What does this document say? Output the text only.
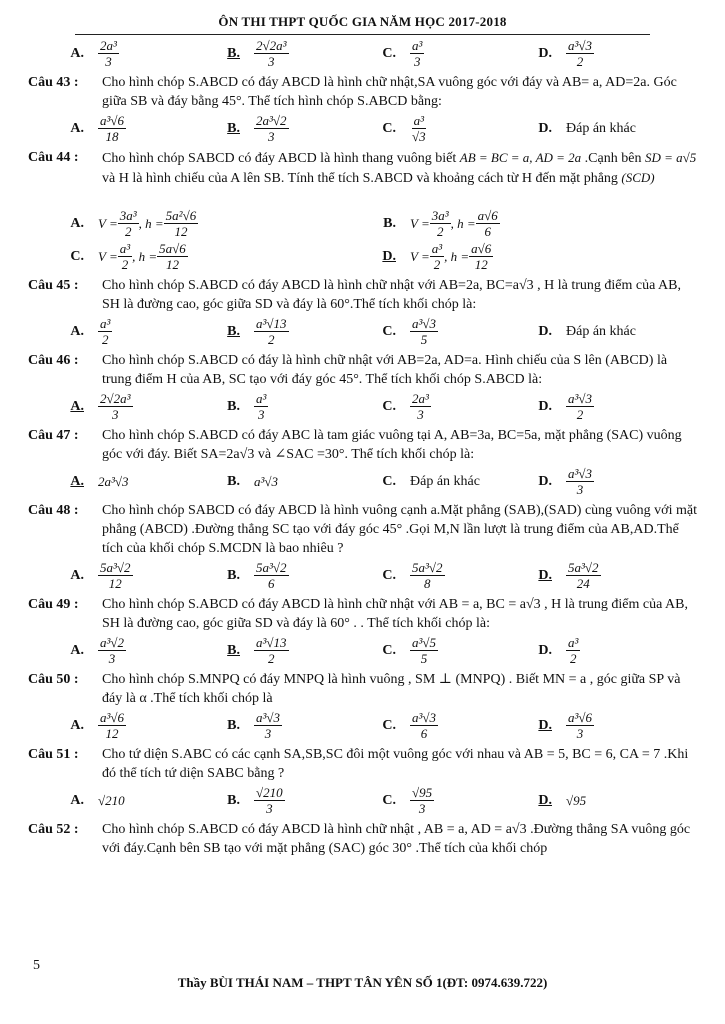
ÔN THI THPT QUỐC GIA NĂM HỌC 2017-2018
A.	$\frac{\text{2a³}}{3}$	B.	$\frac{\text{2√2a³}}{3}$	C.	$\frac{\text{a³}}{3}$	D.	$\frac{\text{a³√3}}{2}$
Câu 43 :	Cho hình chóp S.ABCD có đáy ABCD là hình chữ nhật,SA vuông góc với đáy và AB= a, AD=2a. Góc giữa SB và đáy bằng 45°. Thể tích hình chóp S.ABCD bằng:
A.	$\frac{\text{a³√6}}{18}$	B.	$\frac{\text{2a³√2}}{3}$	C.	$\frac{\text{a³}}{√3}$	D.	Đáp án khác
Câu 44 :	Cho hình chóp SABCD có đáy ABCD là hình thang vuông biết AB = BC = a, AD = 2a .Cạnh bên SD = a√5 và H là hình chiếu của A lên SB. Tính thể tích S.ABCD và khoảng cách từ H đến mặt phẳng (SCD)
A.	$V = \frac{\text{3a³}}{2}$ , $h = \frac{\text{5a²√6}}{12}$	B.	$V = \frac{\text{3a³}}{2}$ , $h = \frac{a√6}{6}$
C.	$V = \frac{\text{a³}}{2}$ , $h = \frac{5a√6}{12}$	D.	$V = \frac{\text{a³}}{2}$ , $h = \frac{a√6}{12}$
Câu 45 :	Cho hình chóp S.ABCD có đáy ABCD là hình chữ nhật với AB=2a, BC=a√3 , H là trung điểm của AB, SH là đường cao, góc giữa SD và đáy là 60°.Thể tích khối chóp là:
A.	$\frac{\text{a³}}{2}$	B.	$\frac{\text{a³√13}}{2}$	C.	$\frac{\text{a³√3}}{5}$	D.	Đáp án khác
Câu 46 :	Cho hình chóp S.ABCD có đáy là hình chữ nhật với AB=2a, AD=a. Hình chiếu của S lên (ABCD) là trung điểm H của AB, SC tạo với đáy góc 45°. Thể tích khối chóp S.ABCD là:
A.	$\frac{\text{2√2a³}}{3}$	B.	$\frac{\text{a³}}{3}$	C.	$\frac{\text{2a³}}{3}$	D.	$\frac{\text{a³√3}}{2}$
Câu 47 :	Cho hình chóp S.ABCD có đáy ABC là tam giác vuông tại A, AB=3a, BC=5a, mặt phẳng (SAC) vuông góc với đáy. Biết SA=2a√3 và ∠SAC =30°. Thể tích khối chóp là:
A.	2a³√3	B.	a³√3	C.	Đáp án khác	D.	$\frac{\text{a³√3}}{3}$
Câu 48 :	Cho hình chóp SABCD có đáy ABCD là hình vuông cạnh a.Mặt phẳng (SAB),(SAD) cùng vuông với mặt phẳng (ABCD) .Đường thẳng SC tạo với đáy góc 45° .Gọi M,N lần lượt là trung điểm của AB,AD.Thể tích của khối chóp S.MCDN là bao nhiêu ?
A.	$\frac{\text{5a³√2}}{12}$	B.	$\frac{\text{5a³√2}}{6}$	C.	$\frac{\text{5a³√2}}{8}$	D.	$\frac{\text{5a³√2}}{24}$
Câu 49 :	Cho hình chóp S.ABCD có đáy ABCD là hình chữ nhật với AB = a, BC = a√3 , H là trung điểm của AB, SH là đường cao, góc giữa SD và đáy là 60° . . Thể tích khối chóp là:
A.	$\frac{\text{a³√2}}{3}$	B.	$\frac{\text{a³√13}}{2}$	C.	$\frac{\text{a³√5}}{5}$	D.	$\frac{\text{a³}}{2}$
Câu 50 :	Cho hình chóp S.MNPQ có đáy MNPQ là hình vuông , SM ⊥ (MNPQ) . Biết MN = a , góc giữa SP và đáy là α .Thể tích khối chóp là
A.	$\frac{\text{a³√6}}{12}$	B.	$\frac{\text{a³√3}}{3}$	C.	$\frac{\text{a³√3}}{6}$	D.	$\frac{\text{a³√6}}{3}$
Câu 51 :	Cho tứ diện S.ABC có các cạnh SA,SB,SC đôi một vuông góc với nhau và AB = 5, BC = 6, CA = 7 .Khi đó thể tích tứ diện SABC bằng ?
A.	√210	B.	$\frac{√210}{3}$	C.	$\frac{√95}{3}$	D.	√95
Câu 52 :	Cho hình chóp S.ABCD có đáy ABCD là hình chữ nhật , AB = a, AD = a√3 .Đường thẳng SA vuông góc với đáy.Cạnh bên SB tạo với mặt phẳng (SAC) góc 30° .Thể tích của khối chóp
5
Thầy BÙI THÁI NAM – THPT TÂN YÊN SỐ 1(ĐT: 0974.639.722)
